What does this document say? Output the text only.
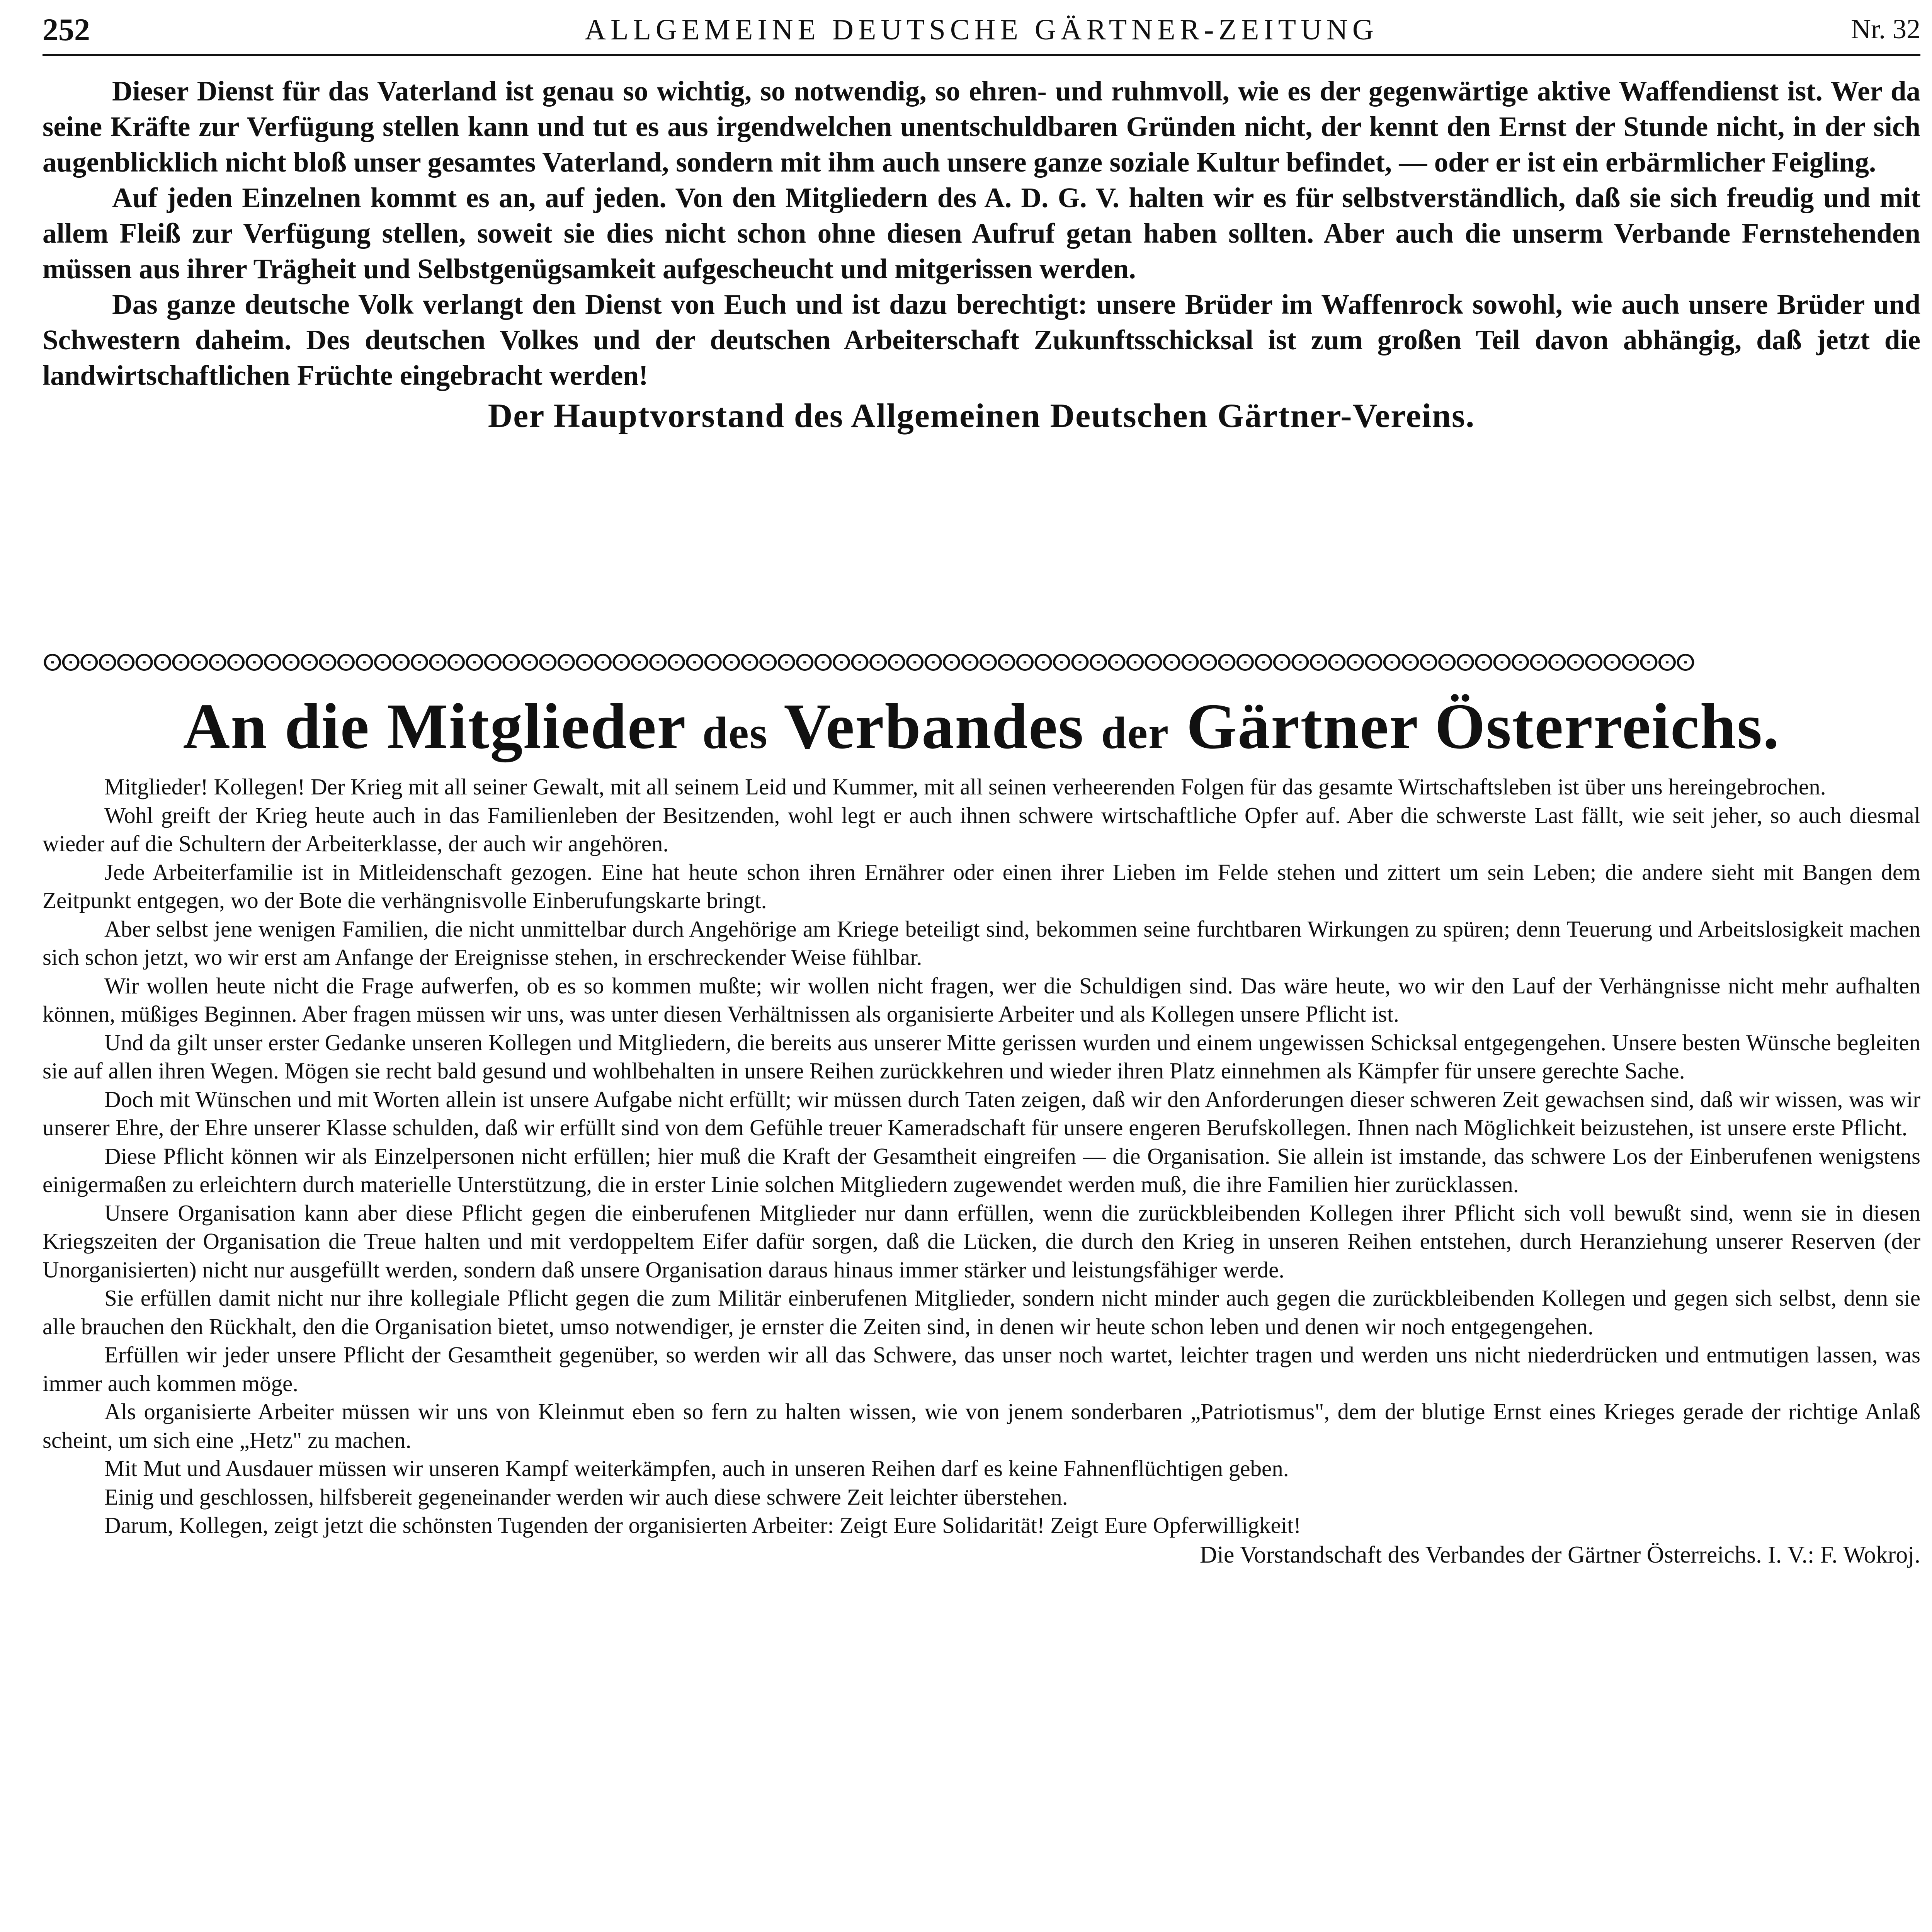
252	ALLGEMEINE DEUTSCHE GÄRTNER-ZEITUNG	Nr. 32

Dieser Dienst für das Vaterland ist genau so wichtig, so notwendig, so ehren- und ruhmvoll, wie es der gegenwärtige aktive Waffendienst ist. Wer da seine Kräfte zur Verfügung stellen kann und tut es aus irgendwelchen unentschuldbaren Gründen nicht, der kennt den Ernst der Stunde nicht, in der sich augenblicklich nicht bloß unser gesamtes Vaterland, sondern mit ihm auch unsere ganze soziale Kultur befindet, — oder er ist ein erbärmlicher Feigling.

Auf jeden Einzelnen kommt es an, auf jeden. Von den Mitgliedern des A. D. G. V. halten wir es für selbstverständlich, daß sie sich freudig und mit allem Fleiß zur Verfügung stellen, soweit sie dies nicht schon ohne diesen Aufruf getan haben sollten. Aber auch die unserm Verbande Fernstehenden müssen aus ihrer Trägheit und Selbstgenügsamkeit aufgescheucht und mitgerissen werden.

Das ganze deutsche Volk verlangt den Dienst von Euch und ist dazu berechtigt: unsere Brüder im Waffenrock sowohl, wie auch unsere Brüder und Schwestern daheim. Des deutschen Volkes und der deutschen Arbeiterschaft Zukunftsschicksal ist zum großen Teil davon abhängig, daß jetzt die landwirtschaftlichen Früchte eingebracht werden!

Der Hauptvorstand des Allgemeinen Deutschen Gärtner-Vereins.
ⵙⵙⵙⵙⵙⵙⵙⵙⵙⵙⵙⵙⵙⵙⵙⵙⵙⵙⵙⵙⵙⵙⵙⵙⵙⵙⵙⵙⵙⵙⵙⵙⵙⵙⵙⵙⵙⵙⵙⵙⵙⵙⵙⵙⵙⵙⵙⵙⵙⵙⵙⵙⵙⵙⵙⵙⵙⵙⵙⵙⵙⵙⵙⵙⵙⵙⵙⵙⵙⵙⵙⵙⵙⵙⵙⵙⵙⵙⵙⵙⵙⵙⵙⵙⵙⵙⵙⵙⵙⵙ
An die Mitglieder des Verbandes der Gärtner Österreichs.

Mitglieder! Kollegen! Der Krieg mit all seiner Gewalt, mit all seinem Leid und Kummer, mit all seinen verheerenden Folgen für das gesamte Wirtschaftsleben ist über uns hereingebrochen.

Wohl greift der Krieg heute auch in das Familienleben der Besitzenden, wohl legt er auch ihnen schwere wirtschaftliche Opfer auf. Aber die schwerste Last fällt, wie seit jeher, so auch diesmal wieder auf die Schultern der Arbeiterklasse, der auch wir angehören.

Jede Arbeiterfamilie ist in Mitleidenschaft gezogen. Eine hat heute schon ihren Ernährer oder einen ihrer Lieben im Felde stehen und zittert um sein Leben; die andere sieht mit Bangen dem Zeitpunkt entgegen, wo der Bote die verhängnisvolle Einberufungskarte bringt.

Aber selbst jene wenigen Familien, die nicht unmittelbar durch Angehörige am Kriege beteiligt sind, bekommen seine furchtbaren Wirkungen zu spüren; denn Teuerung und Arbeitslosigkeit machen sich schon jetzt, wo wir erst am Anfange der Ereignisse stehen, in erschreckender Weise fühlbar.

Wir wollen heute nicht die Frage aufwerfen, ob es so kommen mußte; wir wollen nicht fragen, wer die Schuldigen sind. Das wäre heute, wo wir den Lauf der Verhängnisse nicht mehr aufhalten können, müßiges Beginnen. Aber fragen müssen wir uns, was unter diesen Verhältnissen als organisierte Arbeiter und als Kollegen unsere Pflicht ist.

Und da gilt unser erster Gedanke unseren Kollegen und Mitgliedern, die bereits aus unserer Mitte gerissen wurden und einem ungewissen Schicksal entgegengehen. Unsere besten Wünsche begleiten sie auf allen ihren Wegen. Mögen sie recht bald gesund und wohlbehalten in unsere Reihen zurückkehren und wieder ihren Platz einnehmen als Kämpfer für unsere gerechte Sache.

Doch mit Wünschen und mit Worten allein ist unsere Aufgabe nicht erfüllt; wir müssen durch Taten zeigen, daß wir den Anforderungen dieser schweren Zeit gewachsen sind, daß wir wissen, was wir unserer Ehre, der Ehre unserer Klasse schulden, daß wir erfüllt sind von dem Gefühle treuer Kameradschaft für unsere engeren Berufskollegen. Ihnen nach Möglichkeit beizustehen, ist unsere erste Pflicht.

Diese Pflicht können wir als Einzelpersonen nicht erfüllen; hier muß die Kraft der Gesamtheit eingreifen — die Organisation. Sie allein ist imstande, das schwere Los der Einberufenen wenigstens einigermaßen zu erleichtern durch materielle Unterstützung, die in erster Linie solchen Mitgliedern zugewendet werden muß, die ihre Familien hier zurücklassen.

Unsere Organisation kann aber diese Pflicht gegen die einberufenen Mitglieder nur dann erfüllen, wenn die zurückbleibenden Kollegen ihrer Pflicht sich voll bewußt sind, wenn sie in diesen Kriegszeiten der Organisation die Treue halten und mit verdoppeltem Eifer dafür sorgen, daß die Lücken, die durch den Krieg in unseren Reihen entstehen, durch Heranziehung unserer Reserven (der Unorganisierten) nicht nur ausgefüllt werden, sondern daß unsere Organisation daraus hinaus immer stärker und leistungsfähiger werde.

Sie erfüllen damit nicht nur ihre kollegiale Pflicht gegen die zum Militär einberufenen Mitglieder, sondern nicht minder auch gegen die zurückbleibenden Kollegen und gegen sich selbst, denn sie alle brauchen den Rückhalt, den die Organisation bietet, umso notwendiger, je ernster die Zeiten sind, in denen wir heute schon leben und denen wir noch entgegengehen.

Erfüllen wir jeder unsere Pflicht der Gesamtheit gegenüber, so werden wir all das Schwere, das unser noch wartet, leichter tragen und werden uns nicht niederdrücken und entmutigen lassen, was immer auch kommen möge.

Als organisierte Arbeiter müssen wir uns von Kleinmut eben so fern zu halten wissen, wie von jenem sonderbaren „Patriotismus", dem der blutige Ernst eines Krieges gerade der richtige Anlaß scheint, um sich eine „Hetz" zu machen.

Mit Mut und Ausdauer müssen wir unseren Kampf weiterkämpfen, auch in unseren Reihen darf es keine Fahnenflüchtigen geben.

Einig und geschlossen, hilfsbereit gegeneinander werden wir auch diese schwere Zeit leichter überstehen.

Darum, Kollegen, zeigt jetzt die schönsten Tugenden der organisierten Arbeiter: Zeigt Eure Solidarität! Zeigt Eure Opferwilligkeit!

Die Vorstandschaft des Verbandes der Gärtner Österreichs. I. V.: F. Wokroj.
